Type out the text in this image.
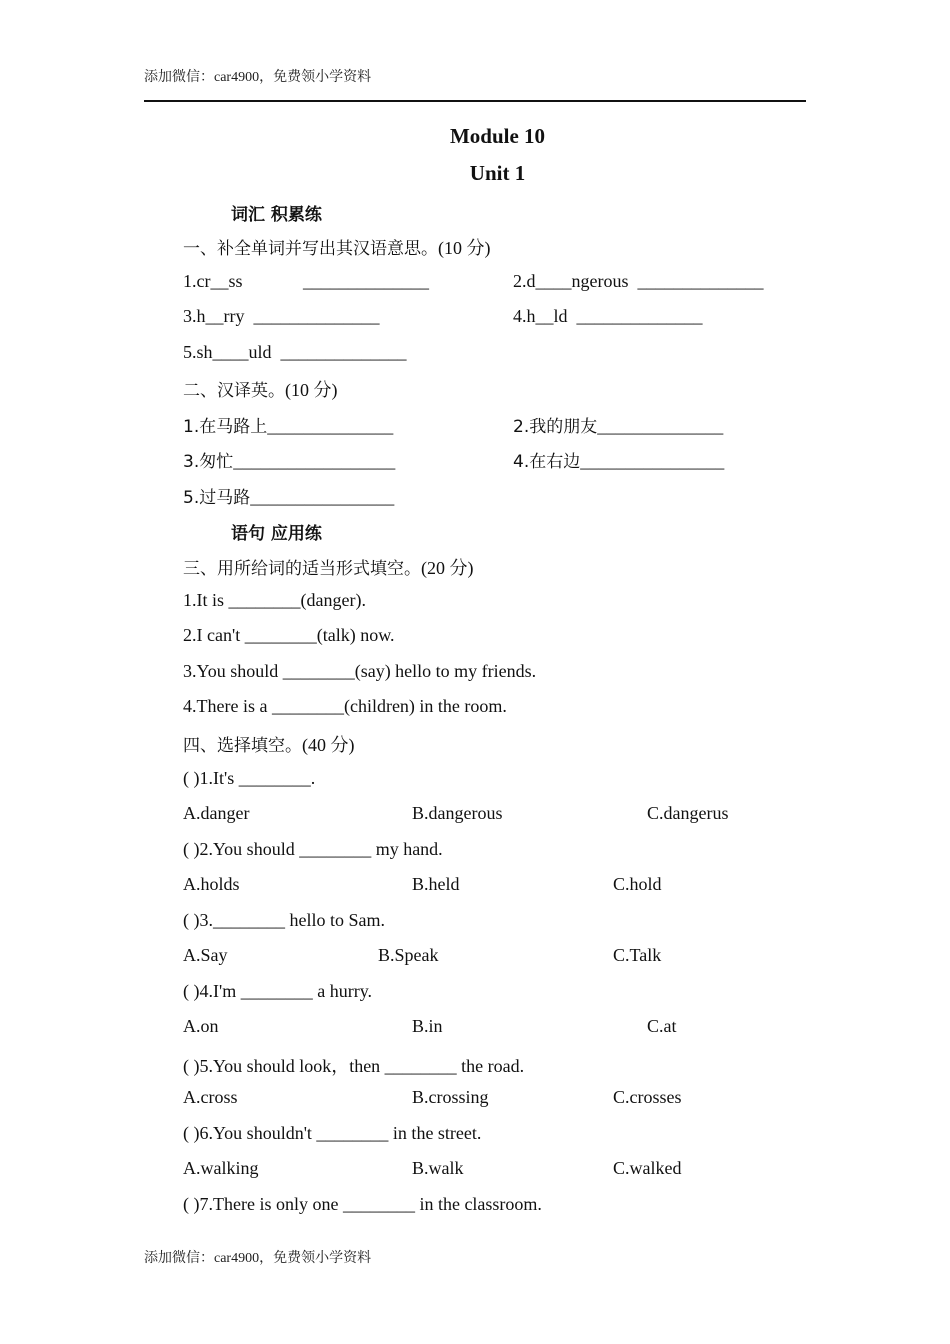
添加微信：car4900，免费领小学资料
Module 10
Unit 1
词汇 积累练
一、补全单词并写出其汉语意思。(10 分)
1.cr__ss	______________	2.d____ngerous ______________
3.h__rry ______________	4.h__ld ______________
5.sh____uld ______________
二、汉译英。(10 分)
1.在马路上______________	2.我的朋友______________
3.匆忙__________________	4.在右边________________
5.过马路________________
语句 应用练
三、用所给词的适当形式填空。(20 分)
1.It is ________(danger).
2.I can't ________(talk) now.
3.You should ________(say) hello to my friends.
4.There is a ________(children) in the room.
四、选择填空。(40 分)
( )1.It's ________.
A.danger	B.dangerous	C.dangerus
( )2.You should ________ my hand.
A.holds	B.held	C.hold
( )3.________ hello to Sam.
A.Say	B.Speak	C.Talk
( )4.I'm ________ a hurry.
A.on	B.in	C.at
( )5.You should look，then ________ the road.
A.cross	B.crossing	C.crosses
( )6.You shouldn't ________ in the street.
A.walking	B.walk	C.walked
( )7.There is only one ________ in the classroom.
添加微信：car4900，免费领小学资料
